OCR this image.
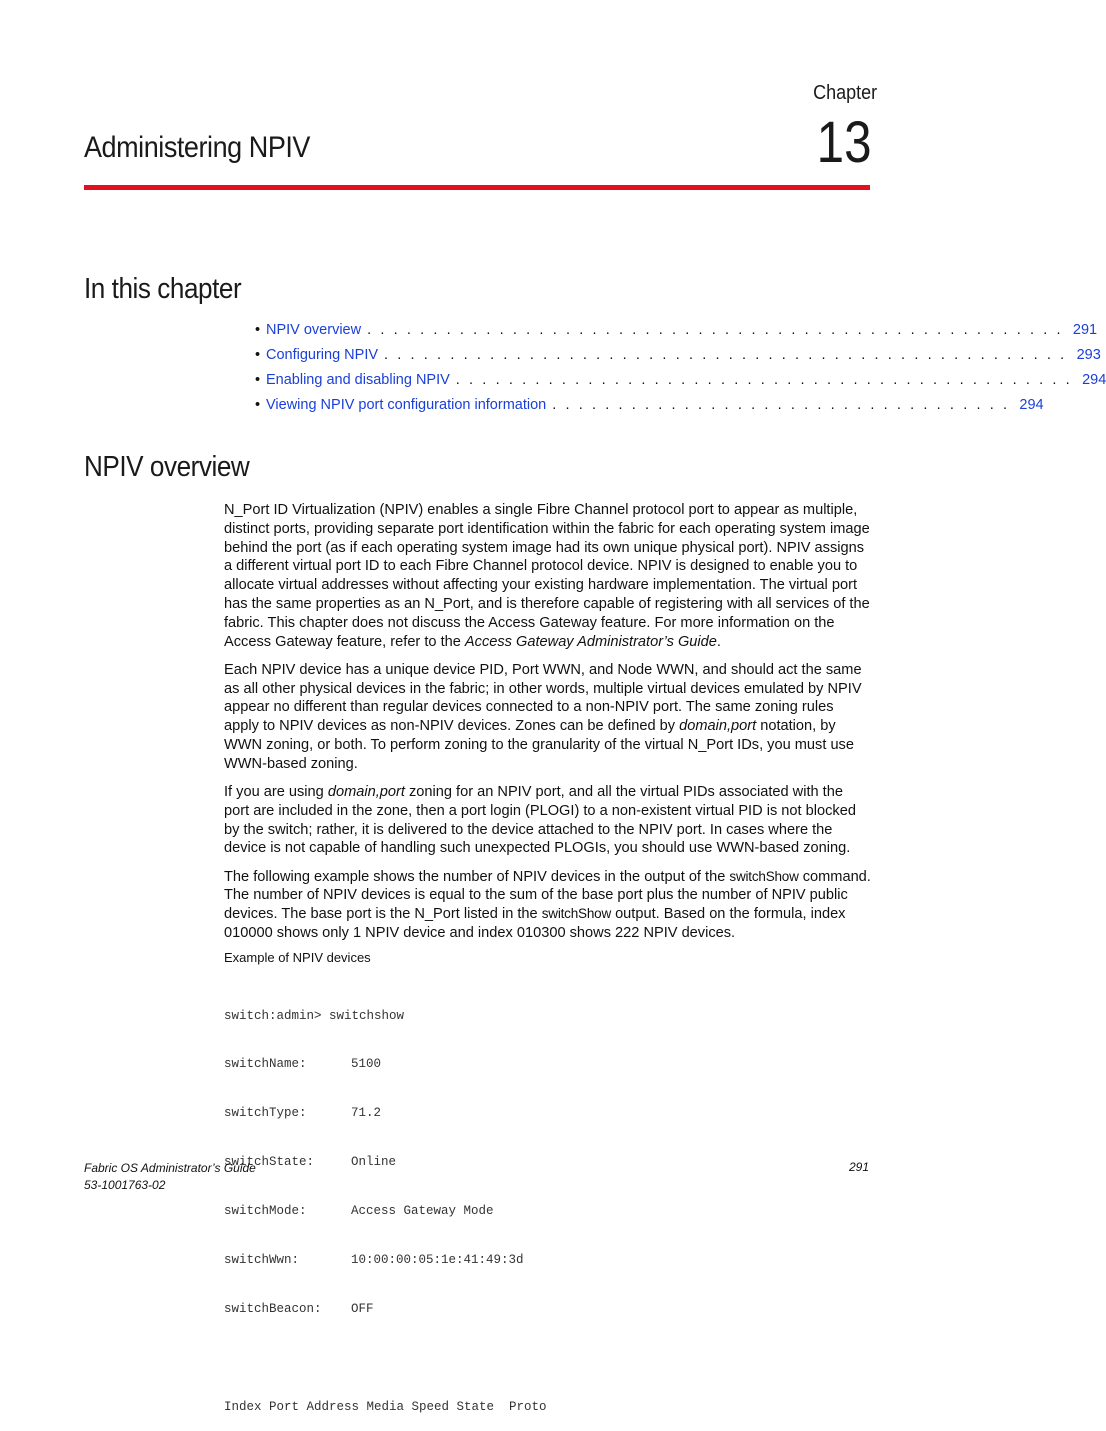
Chapter
Administering NPIV	13
In this chapter
• NPIV overview . . . . . . . . . . . . . . . . . . . . . . . . . . . . . . . . . . . . . . . . . . . . . . . . . . . . . 291
• Configuring NPIV . . . . . . . . . . . . . . . . . . . . . . . . . . . . . . . . . . . . . . . . . . . . . . . . . . . . 293
• Enabling and disabling NPIV . . . . . . . . . . . . . . . . . . . . . . . . . . . . . . . . . . . . . . . . . . . . . . . 294
• Viewing NPIV port configuration information . . . . . . . . . . . . . . . . . . . . . . . . . . . . . . . . . . . 294
NPIV overview

N_Port ID Virtualization (NPIV) enables a single Fibre Channel protocol port to appear as multiple, distinct ports, providing separate port identification within the fabric for each operating system image behind the port (as if each operating system image had its own unique physical port). NPIV assigns a different virtual port ID to each Fibre Channel protocol device. NPIV is designed to enable you to allocate virtual addresses without affecting your existing hardware implementation. The virtual port has the same properties as an N_Port, and is therefore capable of registering with all services of the fabric. This chapter does not discuss the Access Gateway feature. For more information on the Access Gateway feature, refer to the Access Gateway Administrator’s Guide.

Each NPIV device has a unique device PID, Port WWN, and Node WWN, and should act the same as all other physical devices in the fabric; in other words, multiple virtual devices emulated by NPIV appear no different than regular devices connected to a non-NPIV port. The same zoning rules apply to NPIV devices as non-NPIV devices. Zones can be defined by domain,port notation, by WWN zoning, or both. To perform zoning to the granularity of the virtual N_Port IDs, you must use WWN-based zoning.

If you are using domain,port zoning for an NPIV port, and all the virtual PIDs associated with the port are included in the zone, then a port login (PLOGI) to a non-existent virtual PID is not blocked by the switch; rather, it is delivered to the device attached to the NPIV port. In cases where the device is not capable of handling such unexpected PLOGIs, you should use WWN-based zoning.

The following example shows the number of NPIV devices in the output of the switchShow command. The number of NPIV devices is equal to the sum of the base port plus the number of NPIV public devices. The base port is the N_Port listed in the switchShow output. Based on the formula, index 010000 shows only 1 NPIV device and index 010300 shows 222 NPIV devices.

Example of NPIV devices

switch:admin> switchshow

switchName:	5100

switchType:	71.2

switchState:	Online

switchMode:	Access Gateway Mode

switchWwn:	10:00:00:05:1e:41:49:3d

switchBeacon:	OFF

Index Port Address Media Speed State  Proto

Fabric OS Administrator’s Guide
53-1001763-02
291
